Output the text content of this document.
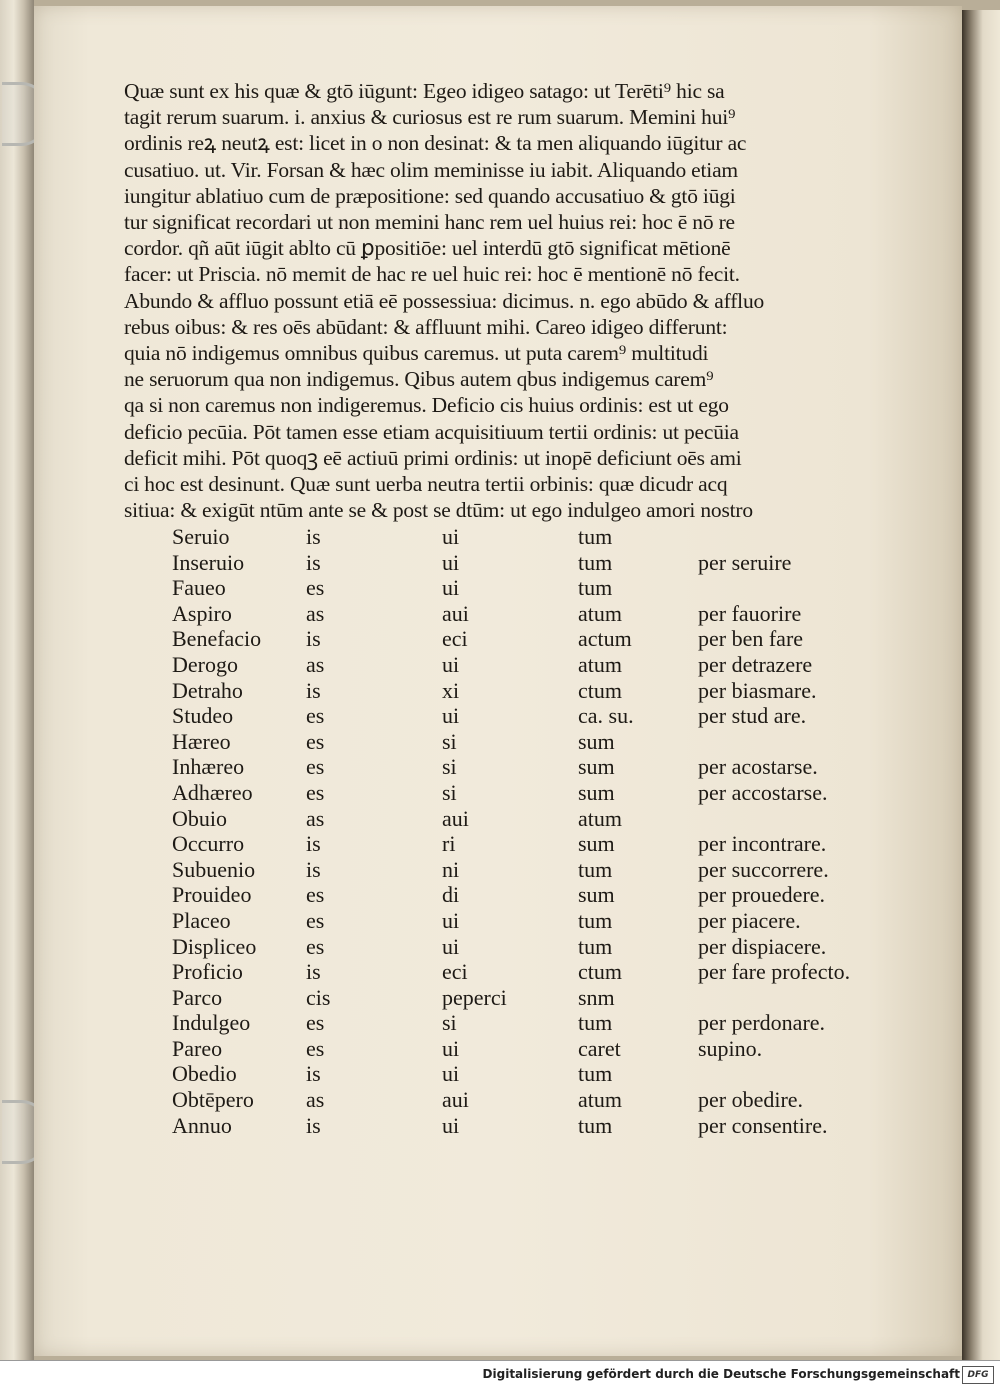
Quæ sunt ex his quæ & gtō iūgunt: Egeo idigeo satago: ut Terēti⁹ hic sa
tagit rerum suarum. i. anxius & curiosus est re rum suarum. Memini hui⁹
ordinis reꝝ neutꝝ est: licet in o non desinat: & ta men aliquando iūgitur ac
cusatiuo. ut. Vir. Forsan & hæc olim meminisse iu iabit. Aliquando etiam
iungitur ablatiuo cum de præpositione: sed quando accusatiuo & gtō iūgi
tur significat recordari ut non memini hanc rem uel huius rei: hoc ē nō re
cordor. qñ aūt iūgit ablto cū ꝑpositiōe: uel interdū gtō significat mētionē
facer: ut Priscia. nō memit de hac re uel huic rei: hoc ē mentionē nō fecit.
Abundo & affluo possunt etiā eē possessiua: dicimus. n. ego abūdo & affluo
rebus oibus: & res oēs abūdant: & affluunt mihi. Careo idigeo differunt:
quia nō indigemus omnibus quibus caremus. ut puta carem⁹ multitudi
ne seruorum qua non indigemus. Qibus autem qbus indigemus carem⁹
qa si non caremus non indigeremus. Deficio cis huius ordinis: est ut ego
deficio pecūia. Pōt tamen esse etiam acquisitiuum tertii ordinis: ut pecūia
deficit mihi. Pōt quoqꝫ eē actiuū primi ordinis: ut inopē deficiunt oēs ami
ci hoc est desinunt. Quæ sunt uerba neutra tertii orbinis: quæ dicudr acq
sitiua: & exigūt ntūm ante se & post se dtūm: ut ego indulgeo amori nostro
Seruio	is	ui	tum
Inseruio	is	ui	tum	per seruire
Faueo	es	ui	tum
Aspiro	as	aui	atum	per fauorire
Benefacio is	eci	actum	per ben fare
Derogo	as	ui	atum	per detrazere
Detraho	is	xi	ctum	per biasmare.
Studeo	es	ui	ca. su.	per stud are.
Hæreo	es	si	sum
Inhæreo	es	si	sum	per acostarse.
Adhæreo es	si	sum	per accostarse.
Obuio	as	aui	atum
Occurro	is	ri	sum	per incontrare.
Subuenio is	ni	tum	per succorrere.
Prouideo es	di	sum	per prouedere.
Placeo	es	ui	tum	per piacere.
Displiceo es	ui	tum	per dispiacere.
Proficio	is	eci	ctum	per fare profecto.
Parco	cis	peperci	snm
Indulgeo	es	si	tum	per perdonare.
Pareo	es	ui	caret	supino.
Obedio	is	ui	tum
Obtēpero as	aui	atum	per obedire.
Annuo	is	ui	tum	per consentire.
Digitalisierung gefördert durch die Deutsche Forschungsgemeinschaft DFG
